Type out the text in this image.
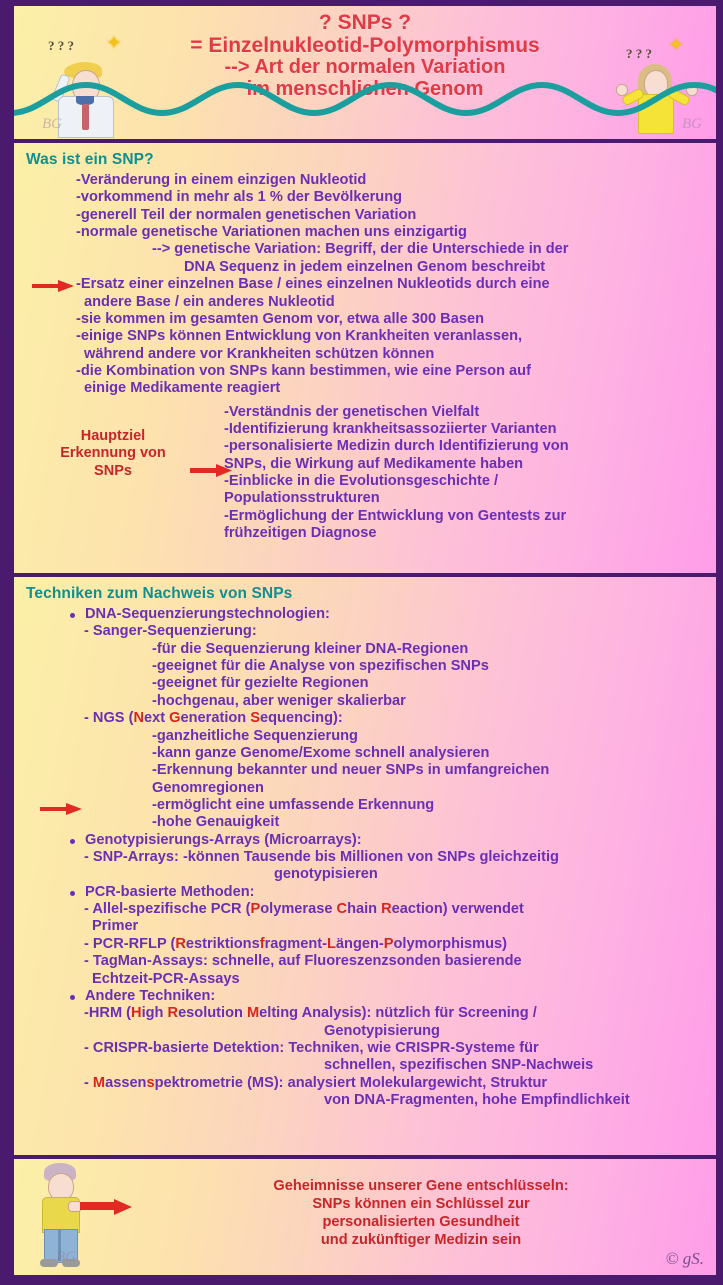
? SNPs ?
= Einzelnukleotid-Polymorphismus
--> Art der normalen Variation
im menschlichen Genom
? ? ? ✦
BG
? ? ? ✦
BG
Was ist ein SNP?
-Veränderung in einem einzigen Nukleotid
-vorkommend in mehr als 1 % der Bevölkerung
-generell Teil der normalen genetischen Variation
-normale genetische Variationen machen uns einzigartig
--> genetische Variation: Begriff, der die Unterschiede in der
DNA Sequenz in jedem einzelnen Genom beschreibt
-Ersatz einer einzelnen Base / eines einzelnen Nukleotids durch eine
andere Base / ein anderes Nukleotid
-sie kommen im gesamten Genom vor, etwa alle 300 Basen
-einige SNPs können Entwicklung von Krankheiten veranlassen,
während andere vor Krankheiten schützen können
-die Kombination von SNPs kann bestimmen, wie eine Person auf
einige Medikamente reagiert
Hauptziel
Erkennung von
SNPs
-Verständnis der genetischen Vielfalt
-Identifizierung krankheitsassoziierter Varianten
-personalisierte Medizin durch Identifizierung von
SNPs, die Wirkung auf Medikamente haben
-Einblicke in die Evolutionsgeschichte /
Populationsstrukturen
-Ermöglichung der Entwicklung von Gentests zur
frühzeitigen Diagnose
Techniken zum Nachweis von SNPs
DNA-Sequenzierungstechnologien:
- Sanger-Sequenzierung:
-für die Sequenzierung kleiner DNA-Regionen
-geeignet für die Analyse von spezifischen SNPs
-geeignet für gezielte Regionen
-hochgenau, aber weniger skalierbar
- NGS (Next Generation Sequencing):
-ganzheitliche Sequenzierung
-kann ganze Genome/Exome schnell analysieren
-Erkennung bekannter und neuer SNPs in umfangreichen
Genomregionen
-ermöglicht eine umfassende Erkennung
-hohe Genauigkeit
Genotypisierungs-Arrays (Microarrays):
- SNP-Arrays: -können Tausende bis Millionen von SNPs gleichzeitig
genotypisieren
PCR-basierte Methoden:
- Allel-spezifische PCR (Polymerase Chain Reaction) verwendet
Primer
- PCR-RFLP (Restriktionsfragment-Längen-Polymorphismus)
- TagMan-Assays: schnelle, auf Fluoreszenzsonden basierende
Echtzeit-PCR-Assays
Andere Techniken:
-HRM (High Resolution Melting Analysis): nützlich für Screening /
Genotypisierung
- CRISPR-basierte Detektion: Techniken, wie CRISPR-Systeme für
schnellen, spezifischen SNP-Nachweis
- Massenspektrometrie (MS): analysiert Molekulargewicht, Struktur
von DNA-Fragmenten, hohe Empfindlichkeit
BG
Geheimnisse unserer Gene entschlüsseln:
SNPs können ein Schlüssel zur
personalisierten Gesundheit
und zukünftiger Medizin sein
© gS.
